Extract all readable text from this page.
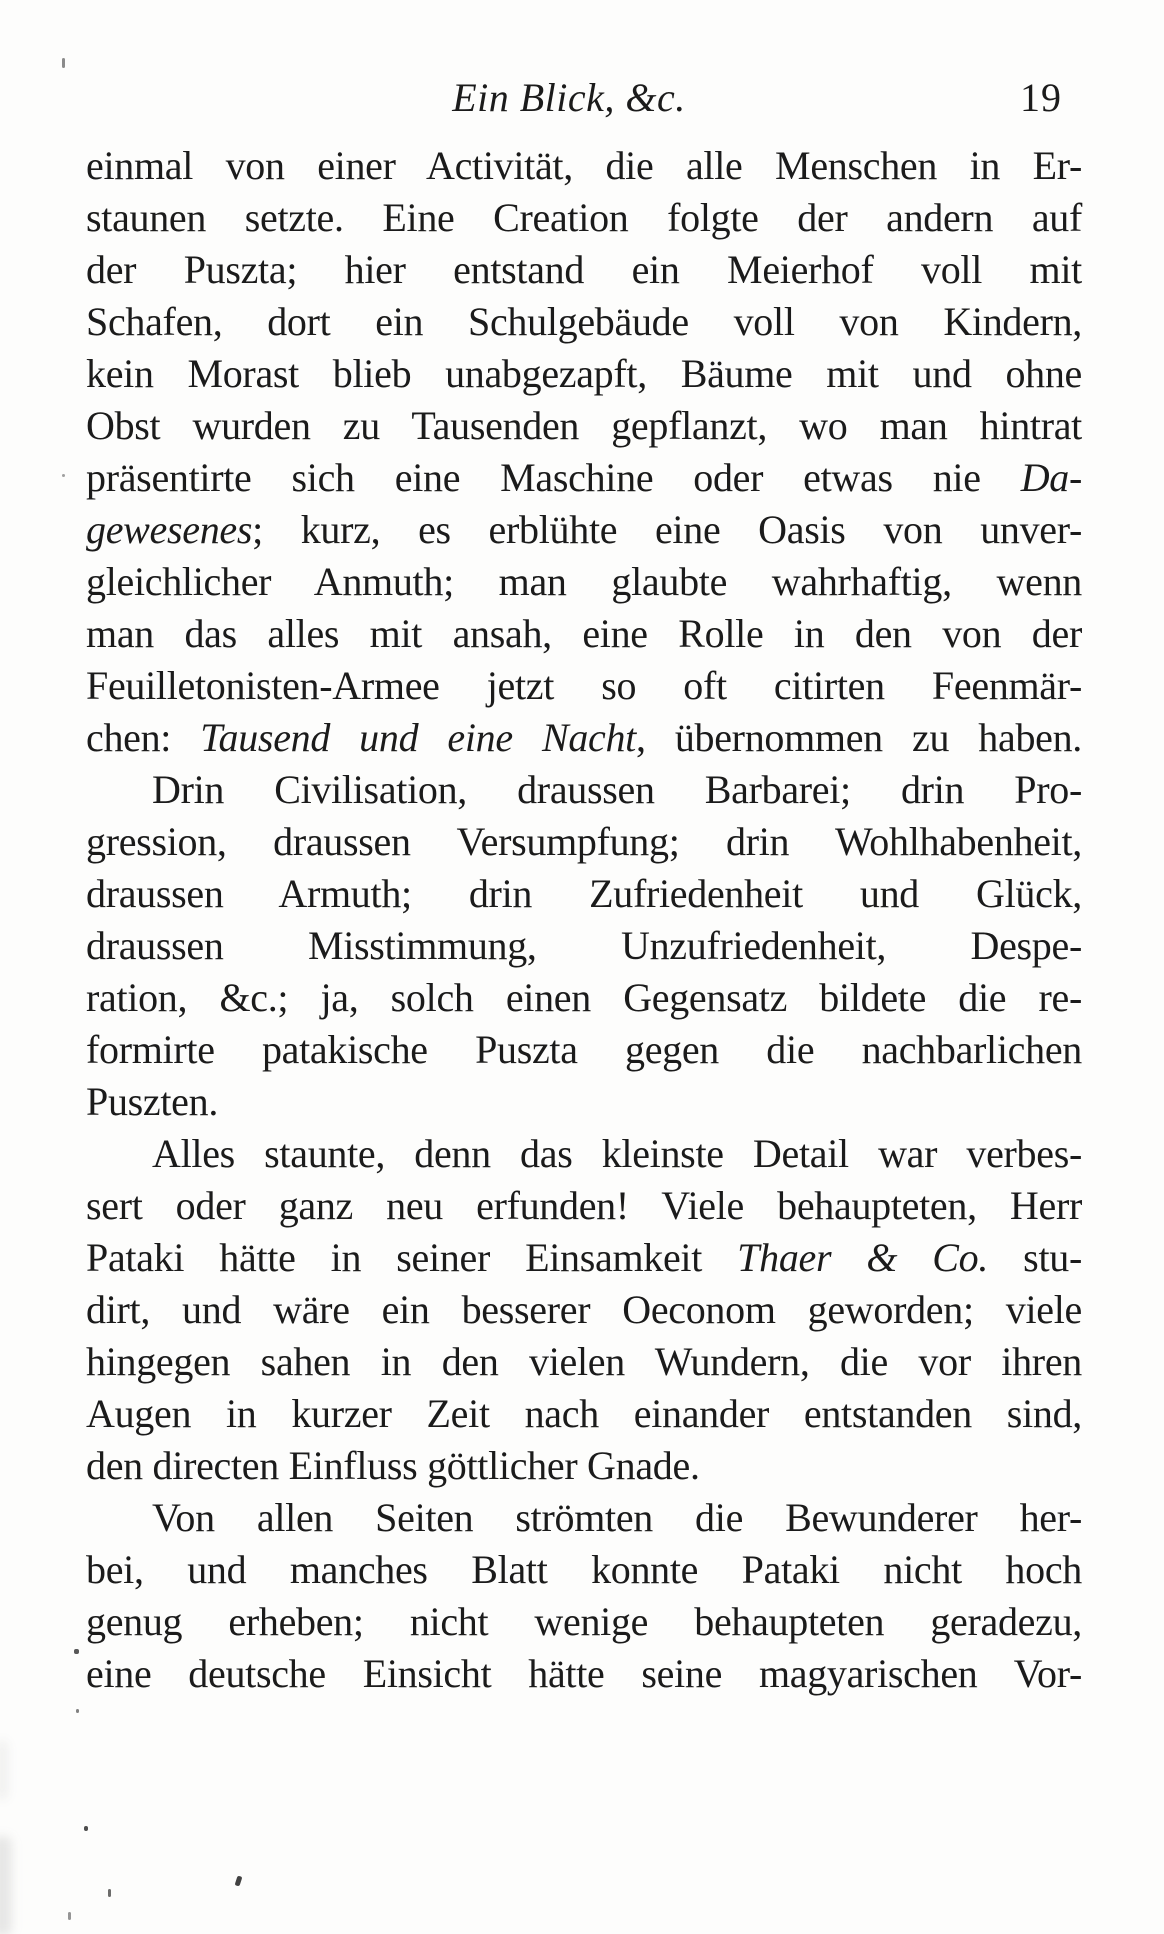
Ein Blick, &c.	19
einmal von einer Activität, die alle Menschen in Er-
staunen setzte. Eine Creation folgte der andern auf
der Puszta; hier entstand ein Meierhof voll mit
Schafen, dort ein Schulgebäude voll von Kindern,
kein Morast blieb unabgezapft, Bäume mit und ohne
Obst wurden zu Tausenden gepflanzt, wo man hintrat
präsentirte sich eine Maschine oder etwas nie Da-
gewesenes; kurz, es erblühte eine Oasis von unver-
gleichlicher Anmuth; man glaubte wahrhaftig, wenn
man das alles mit ansah, eine Rolle in den von der
Feuilletonisten-Armee jetzt so oft citirten Feenmär-
chen: Tausend und eine Nacht, übernommen zu haben.
Drin Civilisation, draussen Barbarei; drin Pro-
gression, draussen Versumpfung; drin Wohlhabenheit,
draussen Armuth; drin Zufriedenheit und Glück,
draussen Misstimmung, Unzufriedenheit, Despe-
ration, &c.; ja, solch einen Gegensatz bildete die re-
formirte patakische Puszta gegen die nachbarlichen
Puszten.
Alles staunte, denn das kleinste Detail war verbes-
sert oder ganz neu erfunden! Viele behaupteten, Herr
Pataki hätte in seiner Einsamkeit Thaer & Co. stu-
dirt, und wäre ein besserer Oeconom geworden; viele
hingegen sahen in den vielen Wundern, die vor ihren
Augen in kurzer Zeit nach einander entstanden sind,
den directen Einfluss göttlicher Gnade.
Von allen Seiten strömten die Bewunderer her-
bei, und manches Blatt konnte Pataki nicht hoch
genug erheben; nicht wenige behaupteten geradezu,
eine deutsche Einsicht hätte seine magyarischen Vor-
